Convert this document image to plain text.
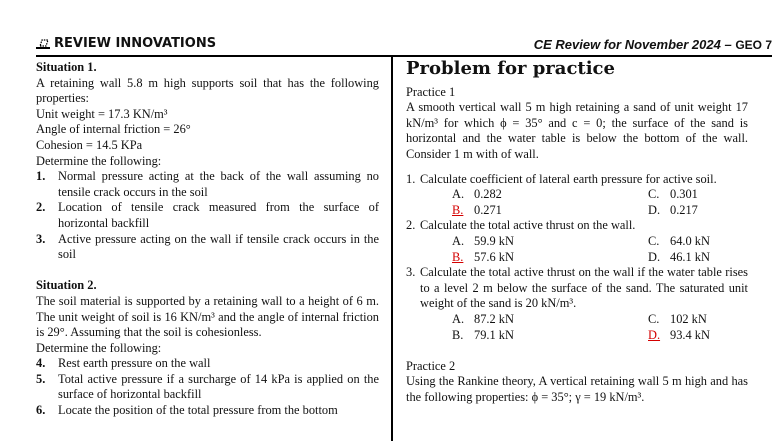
REVIEW INNOVATIONS	CE Review for November 2024 – GEO 7
Situation 1.
A retaining wall 5.8 m high supports soil that has the following properties:
Unit weight = 17.3 KN/m³
Angle of internal friction = 26°
Cohesion = 14.5 KPa
Determine the following:
1.	Normal pressure acting at the back of the wall assuming no tensile crack occurs in the soil
2.	Location of tensile crack measured from the surface of horizontal backfill
3.	Active pressure acting on the wall if tensile crack occurs in the soil
Situation 2.
The soil material is supported by a retaining wall to a height of 6 m. The unit weight of soil is 16 KN/m³ and the angle of internal friction is 29°. Assuming that the soil is cohesionless.
Determine the following:
4.	Rest earth pressure on the wall
5.	Total active pressure if a surcharge of 14 kPa is applied on the surface of horizontal backfill
6.	Locate the position of the total pressure from the bottom
Problem for practice
Practice 1
A smooth vertical wall 5 m high retaining a sand of unit weight 17 kN/m³ for which ϕ = 35° and c = 0; the surface of the sand is horizontal and the water table is below the bottom of the wall. Consider 1 m with of wall.
1. Calculate coefficient of lateral earth pressure for active soil.
A. 0.282	C. 0.301
B. 0.271	D. 0.217
2. Calculate the total active thrust on the wall.
A. 59.9 kN	C. 64.0 kN
B. 57.6 kN	D. 46.1 kN
3. Calculate the total active thrust on the wall if the water table rises to a level 2 m below the surface of the sand. The saturated unit weight of the sand is 20 kN/m³.
A. 87.2 kN	C. 102 kN
B. 79.1 kN	D. 93.4 kN
Practice 2
Using the Rankine theory, A vertical retaining wall 5 m high and has the following properties: ϕ = 35°; γ = 19 kN/m³.
